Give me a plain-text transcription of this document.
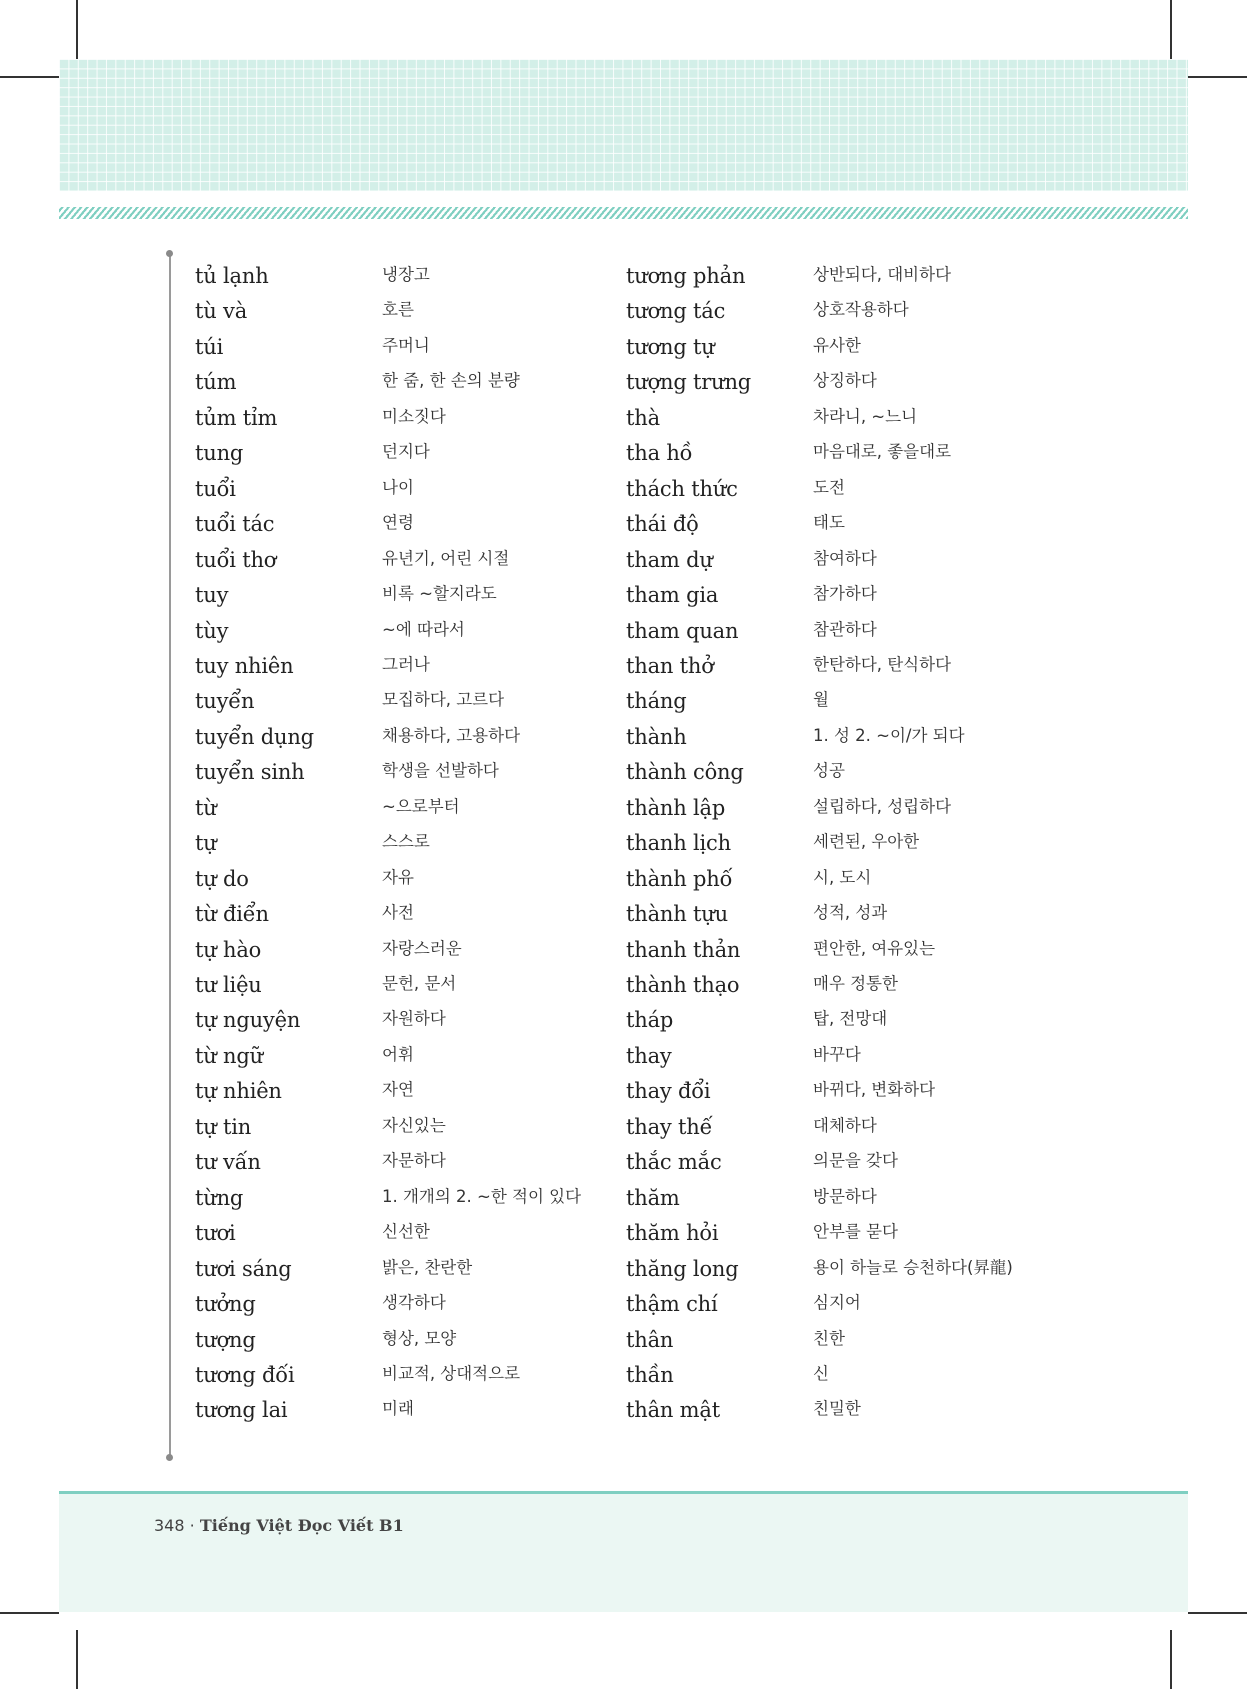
tủ lạnh	냉장고
tù và	호른
túi	주머니
túm	한 줌, 한 손의 분량
tủm tỉm	미소짓다
tung	던지다
tuổi	나이
tuổi tác	연령
tuổi thơ	유년기, 어린 시절
tuy	비록 ~할지라도
tùy	~에 따라서
tuy nhiên	그러나
tuyển	모집하다, 고르다
tuyển dụng	채용하다, 고용하다
tuyển sinh	학생을 선발하다
từ	~으로부터
tự	스스로
tự do	자유
từ điển	사전
tự hào	자랑스러운
tư liệu	문헌, 문서
tự nguyện	자원하다
từ ngữ	어휘
tự nhiên	자연
tự tin	자신있는
tư vấn	자문하다
từng	1. 개개의 2. ~한 적이 있다
tươi	신선한
tươi sáng	밝은, 찬란한
tưởng	생각하다
tượng	형상, 모양
tương đối	비교적, 상대적으로
tương lai	미래
tương phản	상반되다, 대비하다
tương tác	상호작용하다
tương tự	유사한
tượng trưng	상징하다
thà	차라니, ~느니
tha hồ	마음대로, 좋을대로
thách thức	도전
thái độ	태도
tham dự	참여하다
tham gia	참가하다
tham quan	참관하다
than thở	한탄하다, 탄식하다
tháng	월
thành	1. 성 2. ~이/가 되다
thành công	성공
thành lập	설립하다, 성립하다
thanh lịch	세련된, 우아한
thành phố	시, 도시
thành tựu	성적, 성과
thanh thản	편안한, 여유있는
thành thạo	매우 정통한
tháp	탑, 전망대
thay	바꾸다
thay đổi	바뀌다, 변화하다
thay thế	대체하다
thắc mắc	의문을 갖다
thăm	방문하다
thăm hỏi	안부를 묻다
thăng long	용이 하늘로 승천하다(昇龍)
thậm chí	심지어
thân	친한
thần	신
thân mật	친밀한
348 · Tiếng Việt Đọc Viết B1
